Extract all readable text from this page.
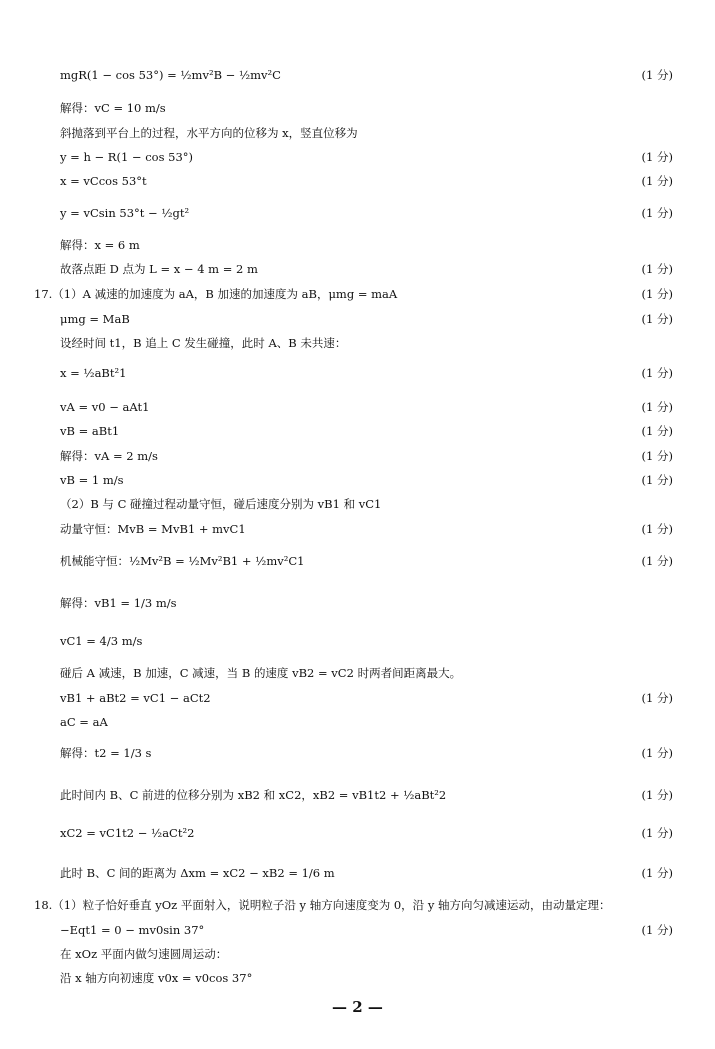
mgR(1 − cos 53°) = ½mv²B − ½mv²C	(1 分)
解得：vC = 10 m/s
斜抛落到平台上的过程，水平方向的位移为 x，竖直位移为
y = h − R(1 − cos 53°)	(1 分)
x = vCcos 53°t	(1 分)
y = vCsin 53°t − ½gt²	(1 分)
解得：x = 6 m
故落点距 D 点为 L = x − 4 m = 2 m	(1 分)
17.（1）A 减速的加速度为 aA，B 加速的加速度为 aB，μmg = maA	(1 分)
μmg = MaB	(1 分)
设经时间 t1，B 追上 C 发生碰撞，此时 A、B 未共速：
x = ½aBt²1	(1 分)
vA = v0 − aAt1	(1 分)
vB = aBt1	(1 分)
解得：vA = 2 m/s	(1 分)
vB = 1 m/s	(1 分)
（2）B 与 C 碰撞过程动量守恒，碰后速度分别为 vB1 和 vC1
动量守恒：MvB = MvB1 + mvC1	(1 分)
机械能守恒：½Mv²B = ½Mv²B1 + ½mv²C1	(1 分)
解得：vB1 = 1/3 m/s
vC1 = 4/3 m/s
碰后 A 减速，B 加速，C 减速，当 B 的速度 vB2 = vC2 时两者间距离最大。
vB1 + aBt2 = vC1 − aCt2	(1 分)
aC = aA
解得：t2 = 1/3 s	(1 分)
此时间内 B、C 前进的位移分别为 xB2 和 xC2，xB2 = vB1t2 + ½aBt²2	(1 分)
xC2 = vC1t2 − ½aCt²2	(1 分)
此时 B、C 间的距离为 Δxm = xC2 − xB2 = 1/6 m	(1 分)
18.（1）粒子恰好垂直 yOz 平面射入，说明粒子沿 y 轴方向速度变为 0，沿 y 轴方向匀减速运动，由动量定理：
−Eqt1 = 0 − mv0sin 37°	(1 分)
在 xOz 平面内做匀速圆周运动：
沿 x 轴方向初速度 v0x = v0cos 37°
— 2 —
